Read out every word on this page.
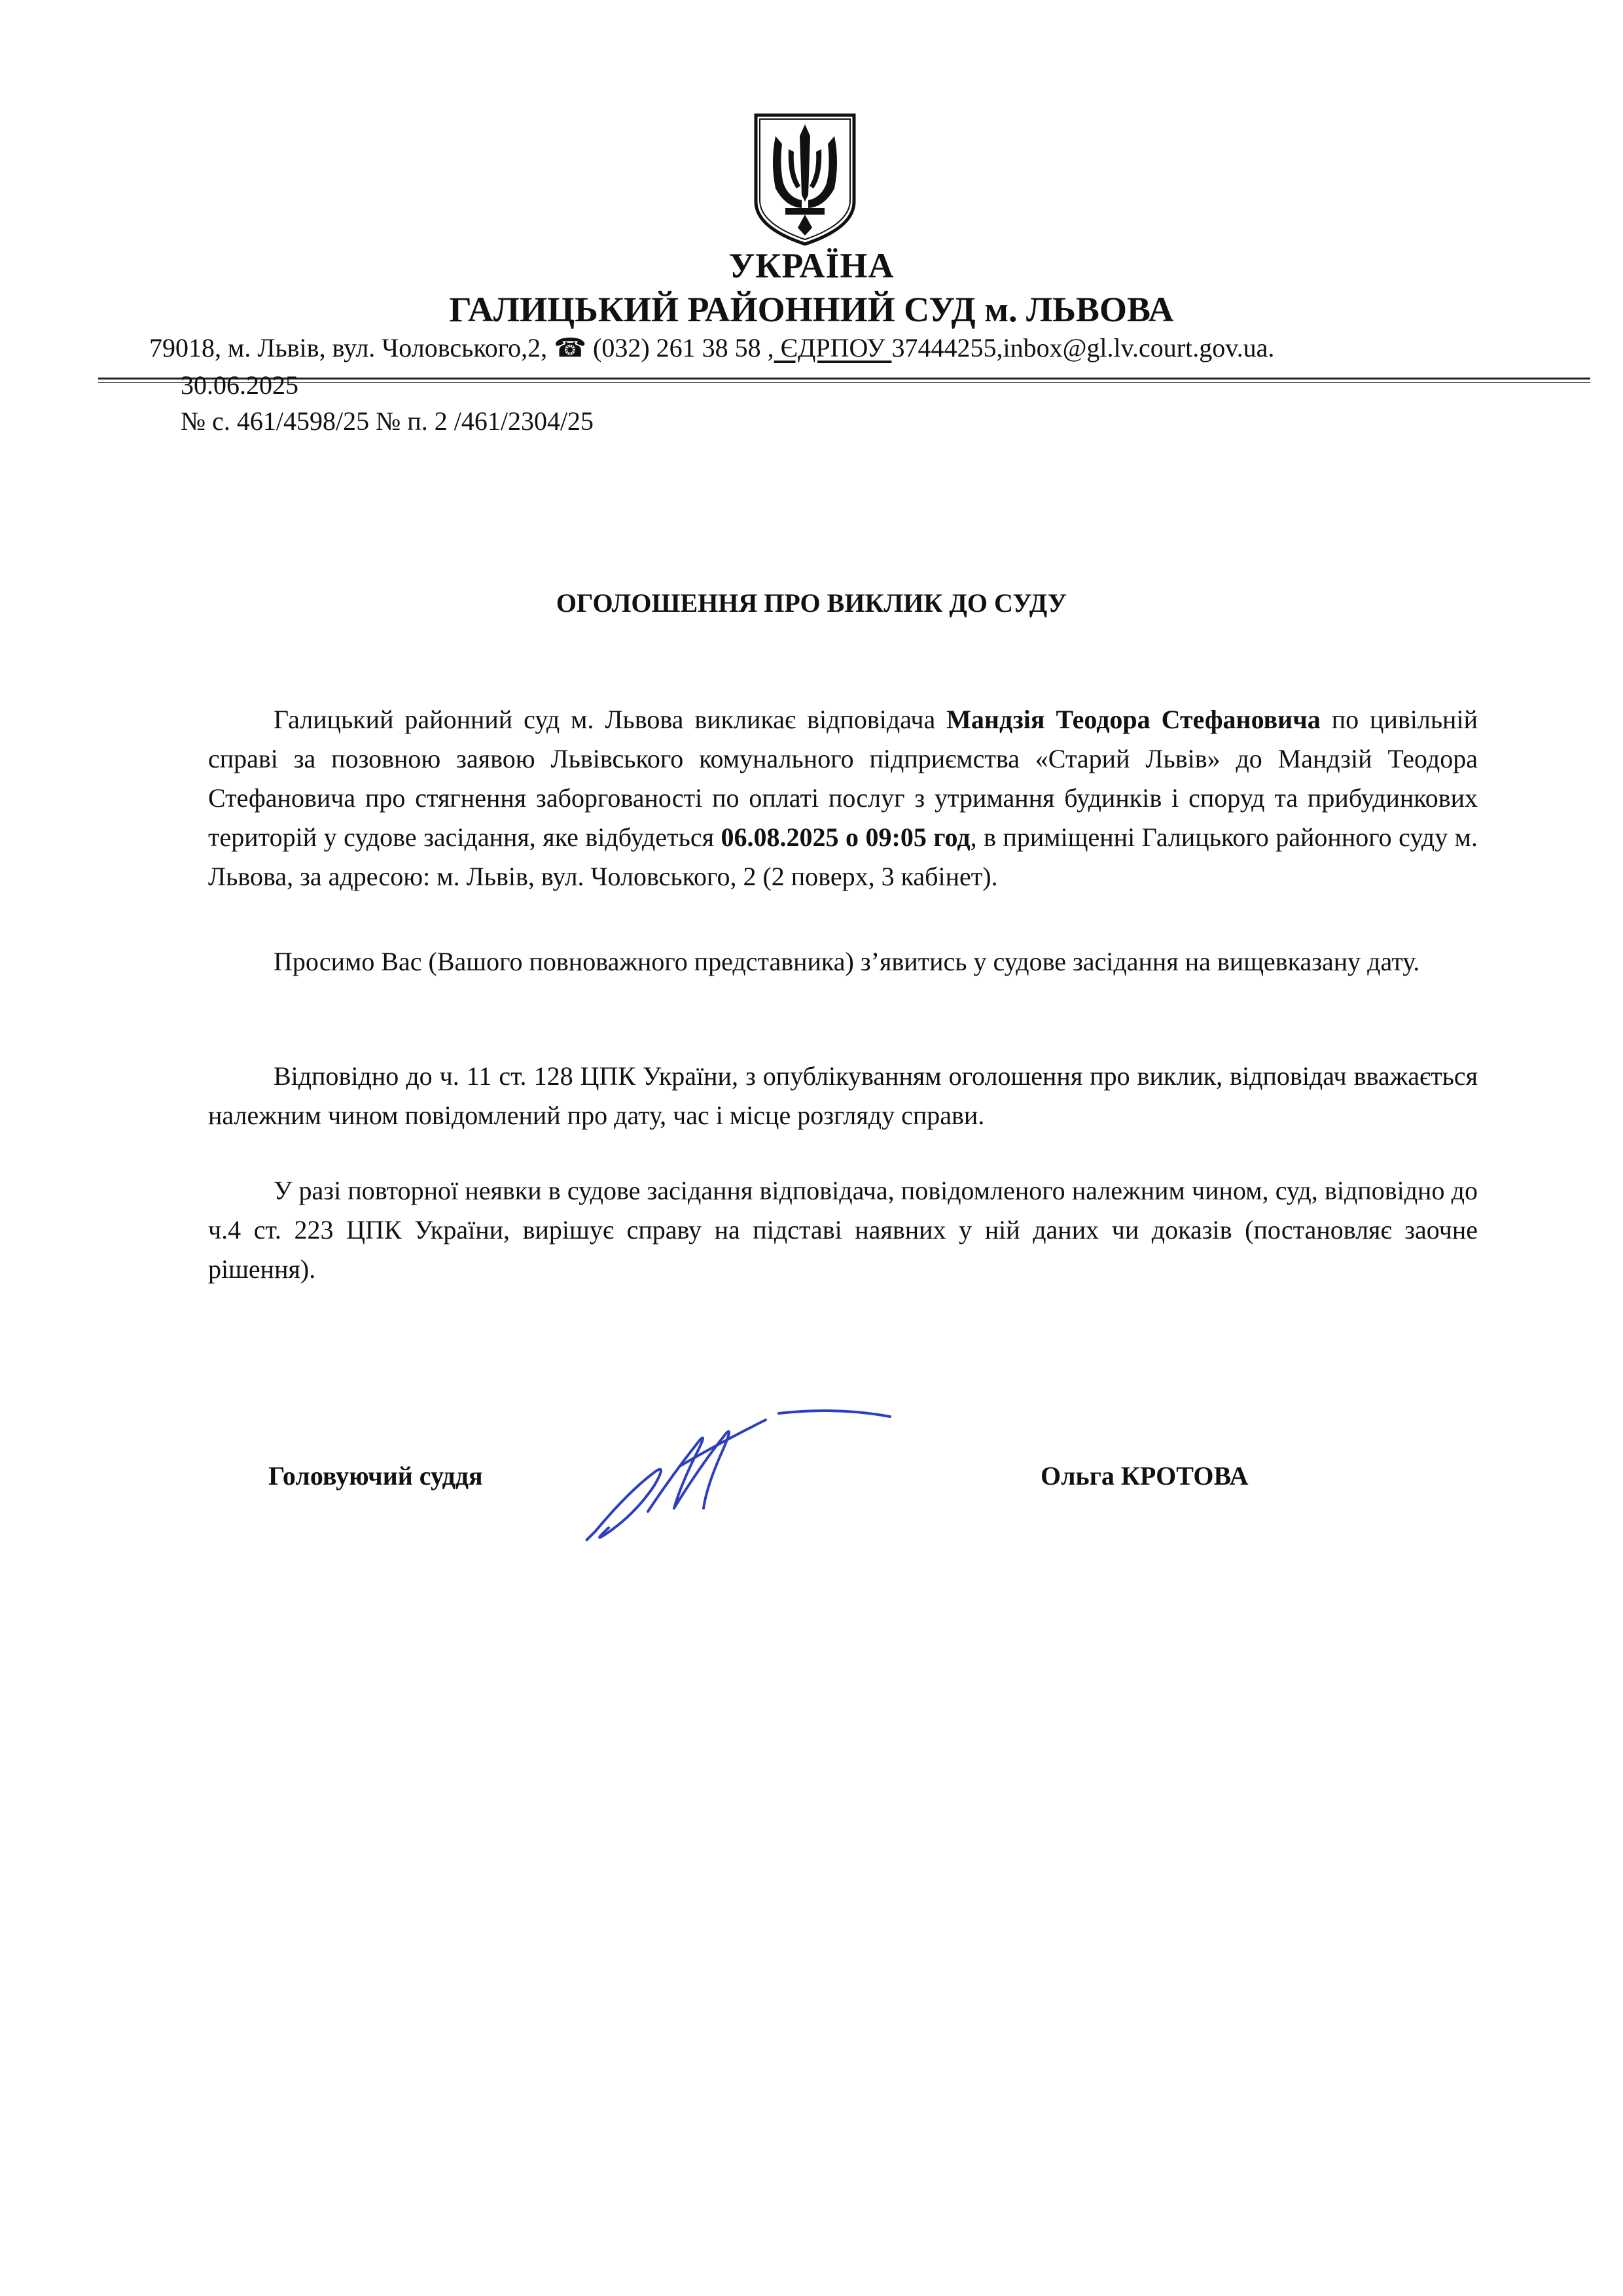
УКРАЇНА
ГАЛИЦЬКИЙ РАЙОННИЙ СУД м. ЛЬВОВА
79018, м. Львів, вул. Чоловського,2, ☎ (032) 261 38 58 , ЄДРПОУ 37444255,inbox@gl.lv.court.gov.ua.
30.06.2025
№ с. 461/4598/25 № п. 2 /461/2304/25
ОГОЛОШЕННЯ ПРО ВИКЛИК ДО СУДУ
Галицький районний суд м. Львова викликає відповідача Мандзія Теодора Стефановича по цивільній справі за позовною заявою Львівського комунального підприємства «Старий Львів» до Мандзій Теодора Стефановича про стягнення заборгованості по оплаті послуг з утримання будинків і споруд та прибудинкових територій у судове засідання, яке відбудеться 06.08.2025 о 09:05 год, в приміщенні Галицького районного суду м. Львова, за адресою: м. Львів, вул. Чоловського, 2 (2 поверх, 3 кабінет).
Просимо Вас (Вашого повноважного представника) з’явитись у судове засідання на вищевказану дату.
Відповідно до ч. 11 ст. 128 ЦПК України, з опублікуванням оголошення про виклик, відповідач вважається належним чином повідомлений про дату, час і місце розгляду справи.
У разі повторної неявки в судове засідання відповідача, повідомленого належним чином, суд, відповідно до ч.4 ст. 223 ЦПК України, вирішує справу на підставі наявних у ній даних чи доказів (постановляє заочне рішення).
Головуючий суддя	Ольга КРОТОВА
